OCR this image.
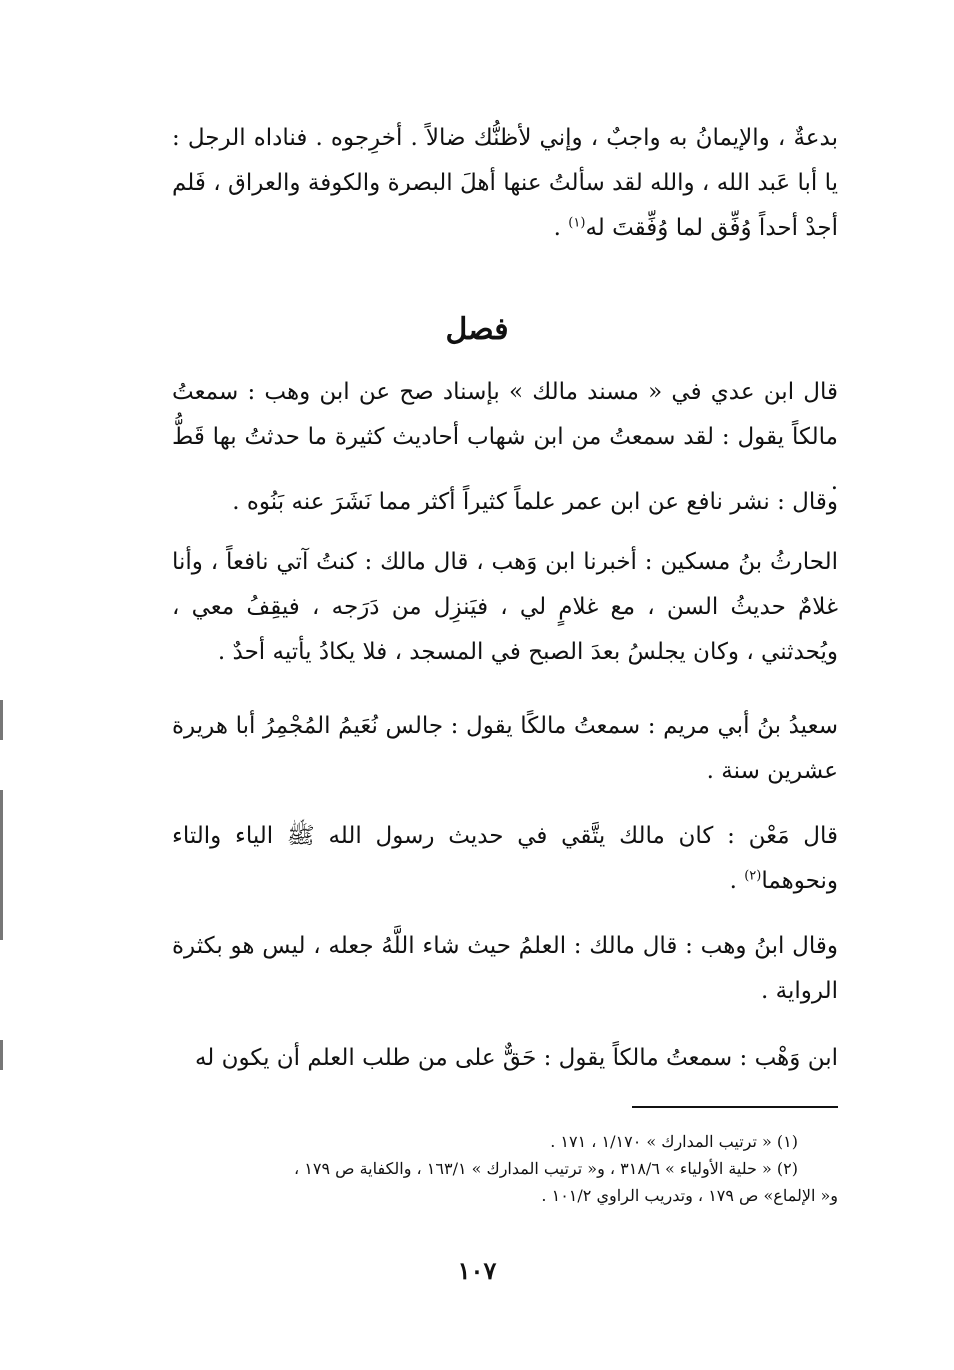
بدعةٌ ، والإيمانُ به واجبٌ ، وإني لأظنُّك ضالاً . أخرِجوه . فناداه الرجل : يا أبا عَبد الله ، والله لقد سألتُ عنها أهلَ البصرة والكوفة والعراق ، فَلم أجدْ أحداً وُفِّق لما وُفِّقتَ له$^{(١)}$ .
فصل
قال ابن عدي في « مسند مالك » بإسناد صح عن ابن وهب : سمعتُ مالكاً يقول : لقد سمعتُ من ابن شهاب أحاديث كثيرة ما حدثتُ بها قَطُّ .
وقال : نشر نافع عن ابن عمر علماً كثيراً أكثر مما نَشَرَ عنه بَنُوه .
الحارثُ بنُ مسكين : أخبرنا ابن وَهب ، قال مالك : كنتُ آتي نافعاً ، وأنا غلامٌ حديثُ السن ، مع غلامٍ لي ، فيَنزِل من دَرَجه ، فيقِفُ معي ، ويُحدثني ، وكان يجلسُ بعدَ الصبح في المسجد ، فلا يكادُ يأتيه أحدٌ .
سعيدُ بنُ أبي مريم : سمعتُ مالكًا يقول : جالس نُعَيمُ المُجْمِرُ أبا هريرة عشرين سنة .
قال مَعْن : كان مالك يتَّقي في حديث رسول الله ﷺ الياء والتاء ونحوهما$^{(٢)}$ .
وقال ابنُ وهب : قال مالك : العلمُ حيث شاء اللَّهُ جعله ، ليس هو بكثرة الرواية .
ابن وَهْب : سمعتُ مالكاً يقول : حَقٌّ على من طلب العلم أن يكون له

(١) « ترتيب المدارك » ١/١٧٠ ، ١٧١ .

(٢) « حلية الأولياء » ٣١٨/٦ ، و« ترتيب المدارك » ١٦٣/١ ، والكفاية ص ١٧٩ ،

و« الإلماع» ص ١٧٩ ، وتدريب الراوي ١٠١/٢ .

١٠٧
